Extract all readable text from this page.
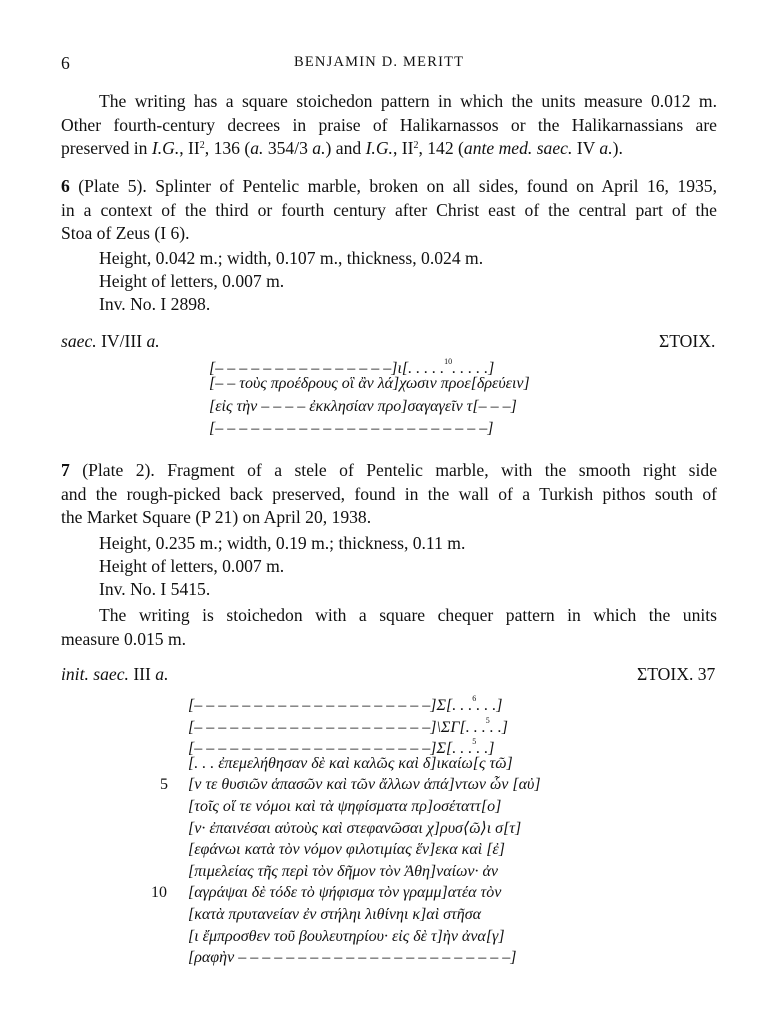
6	BENJAMIN D. MERITT
The writing has a square stoichedon pattern in which the units measure 0.012 m.
Other fourth-century decrees in praise of Halikarnassos or the Halikarnassians are
preserved in I.G., $II^2$, 136 (a. 354/3 a.) and I.G., $II^2$, 142 (ante med. saec. IV a.).
6 (Plate 5). Splinter of Pentelic marble, broken on all sides, found on April 16, 1935,
in a context of the third or fourth century after Christ east of the central part of the
Stoa of Zeus (I 6).
Height, 0.042 m.; width, 0.107 m., thickness, 0.024 m.
Height of letters, 0.007 m.
Inv. No. I 2898.
saec. IV/III a.	ΣΤΟΙΧ.
[– – – – – – – – – – – – – – –]ι[. . . . .$^{10}$. . . . .]
[– – τοὺς προέδρους οἳ ἂν λά]χωσιν προε[δρεύειν]
[εἰς τὴν – – – – ἐκκλησίαν προ]σαγαγεῖν τ[– – –]
[– – – – – – – – – – – – – – – – – – – – – – –]
7 (Plate 2). Fragment of a stele of Pentelic marble, with the smooth right side
and the rough-picked back preserved, found in the wall of a Turkish pithos south of
the Market Square (P 21) on April 20, 1938.
Height, 0.235 m.; width, 0.19 m.; thickness, 0.11 m.
Height of letters, 0.007 m.
Inv. No. I 5415.
The writing is stoichedon with a square chequer pattern in which the units
measure 0.015 m.
init. saec. III a.	ΣΤΟΙΧ. 37
5
10
[– – – – – – – – – – – – – – – – – – – –]Σ[. . .$^6$. . .]
[– – – – – – – – – – – – – – – – – – – –]\ΣΓ[. . .$^5$. .]
[– – – – – – – – – – – – – – – – – – – –]Σ[. . .$^5$. .]
[. . . ἐπεμελήθησαν δὲ καὶ καλῶς καὶ δ]ικαίω[ς τῶ]
[ν τε θυσιῶν ἁπασῶν καὶ τῶν ἄλλων ἁπά]ντων ὧν [αὐ]
[τοῖς οἵ τε νόμοι καὶ τὰ ψηφίσματα πρ]οσέταττ[ο]
[ν· ἐπαινέσαι αὐτοὺς καὶ στεφανῶσαι χ]ρυσ⟨ῶ⟩ι σ[τ]
[εφάνωι κατὰ τὸν νόμον φιλοτιμίας ἕν]εκα καὶ [ἐ]
[πιμελείας τῆς περὶ τὸν δῆμον τὸν Ἀθη]ναίων· ἀν
[αγράψαι δὲ τόδε τὸ ψήφισμα τὸν γραμμ]ατέα τὸν
[κατὰ πρυτανείαν ἐν στήληι λιθίνηι κ]αὶ στῆσα
[ι ἔμπροσθεν τοῦ βουλευτηρίου· εἰς δὲ τ]ὴν ἀνα[γ]
[ραφὴν – – – – – – – – – – – – – – – – – – – – – – –]
